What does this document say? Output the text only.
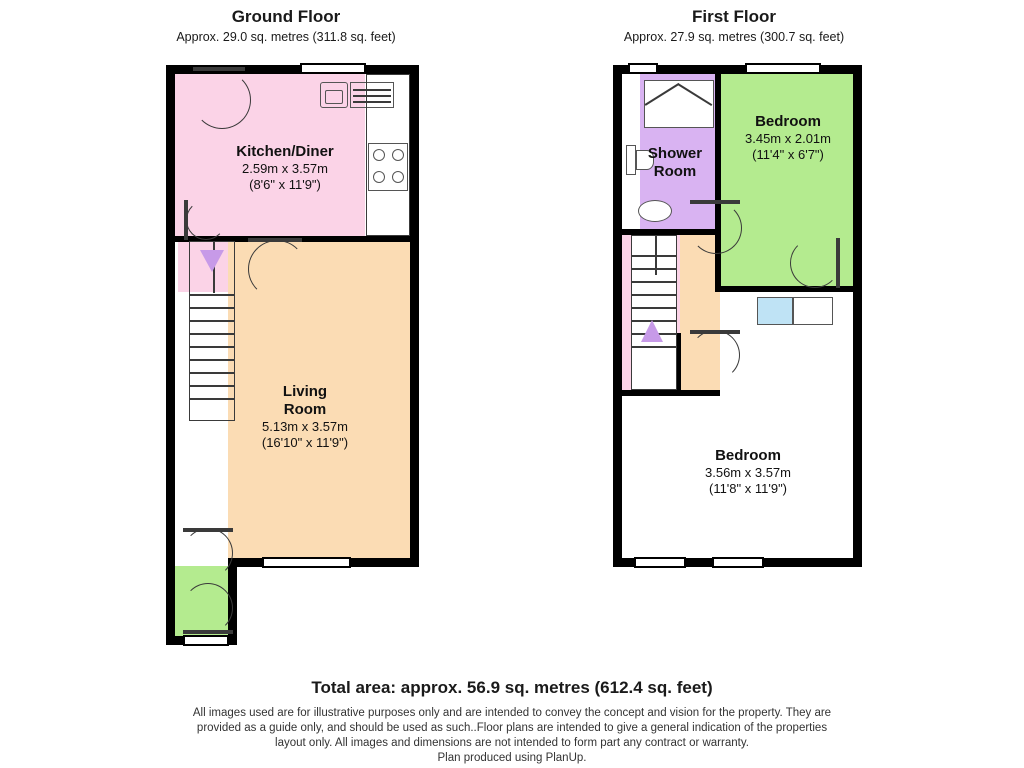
Ground Floor
Approx. 29.0 sq. metres (311.8 sq. feet)
Kitchen/Diner
2.59m x 3.57m
(8'6" x 11'9")
Living
Room
5.13m x 3.57m
(16'10" x 11'9")
First Floor
Approx. 27.9 sq. metres (300.7 sq. feet)
Shower
Room
Bedroom
3.45m x 2.01m
(11'4" x 6'7")
Bedroom
3.56m x 3.57m
(11'8" x 11'9")
Total area: approx. 56.9 sq. metres (612.4 sq. feet)
All images used are for illustrative purposes only and are intended to convey the concept and vision for the property. They are
provided as a guide only, and should be used as such..Floor plans are intended to give a general indication of the properties
layout only. All images and dimensions are not intended to form part any contract or warranty.
Plan produced using PlanUp.
